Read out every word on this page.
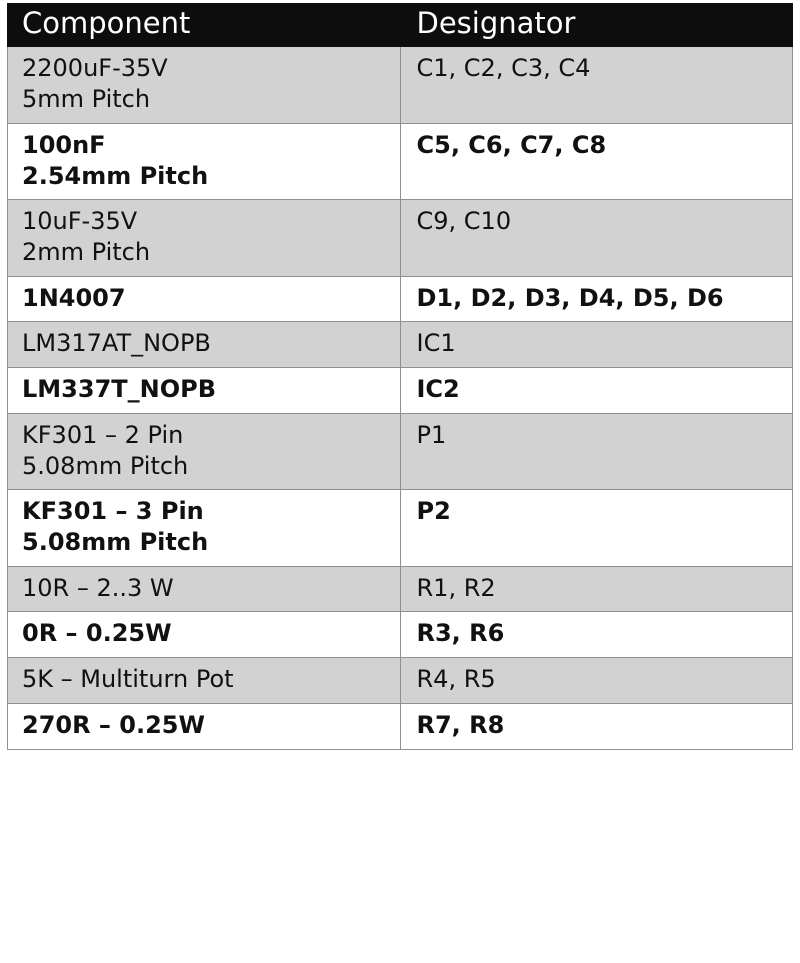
Component	Designator

2200uF-35V
5mm Pitch	C1, C2, C3, C4

100nF
2.54mm Pitch	C5, C6, C7, C8

10uF-35V
2mm Pitch	C9, C10

1N4007	D1, D2, D3, D4, D5, D6

LM317AT_NOPB	IC1

LM337T_NOPB	IC2

KF301 – 2 Pin
5.08mm Pitch	P1

KF301 – 3 Pin
5.08mm Pitch	P2

10R – 2..3 W	R1, R2

0R – 0.25W	R3, R6

5K – Multiturn Pot	R4, R5

270R – 0.25W	R7, R8
